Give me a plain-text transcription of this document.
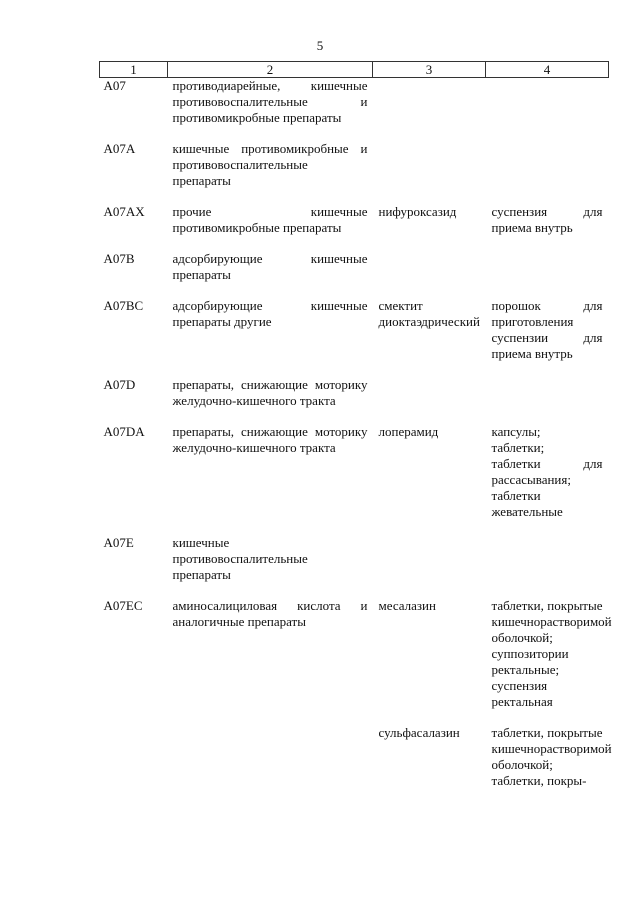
5
1	2	3	4
A07	противодиарейные, кишечные противовоспалительные и противомикробные препараты		

A07A	кишечные противомикробные и противовоспалительные препараты		

A07AX	прочие кишечные противомикробные препараты	нифуроксазид	суспензия для приема внутрь

A07B	адсорбирующие кишечные препараты		

A07BC	адсорбирующие кишечные препараты другие	смектит диоктаэдрический	порошок для приготовления суспензии для приема внутрь

A07D	препараты, снижающие моторику желудочно-кишечного тракта		

A07DA	препараты, снижающие моторику желудочно-кишечного тракта	лоперамид	капсулы;
таблетки;
таблетки для рассасывания;
таблетки жевательные

A07E	кишечные противовоспалительные препараты		

A07EC	аминосалициловая кислота и аналогичные препараты	месалазин	таблетки, покрытые кишечнорастворимой оболочкой;
суппозитории ректальные;
суспензия ректальная

		сульфасалазин	таблетки, покрытые кишечнорастворимой оболочкой;
таблетки, покры-
